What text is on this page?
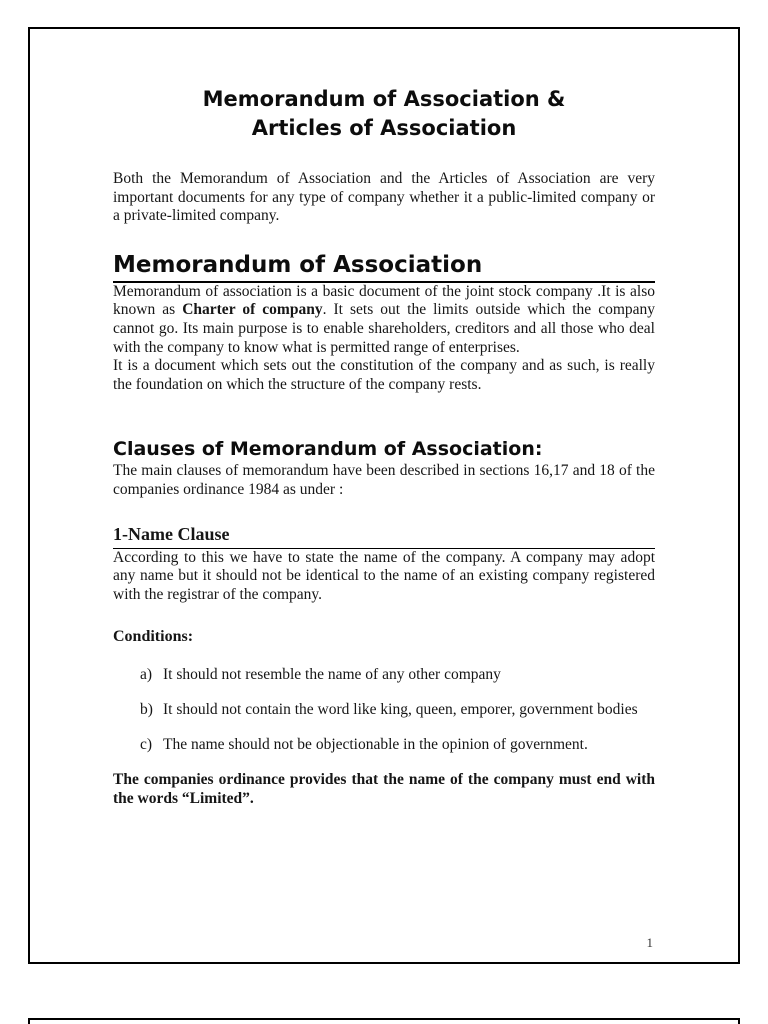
Memorandum of Association &
Articles of Association

Both the Memorandum of Association and the Articles of Association are very important documents for any type of company whether it a public-limited company or a private-limited company.

Memorandum of Association

Memorandum of association is a basic document of the joint stock company .It is also known as Charter of company. It sets out the limits outside which the company cannot go. Its main purpose is to enable shareholders, creditors and all those who deal with the company to know what is permitted range of enterprises.

It is a document which sets out the constitution of the company and as such, is really the foundation on which the structure of the company rests.

Clauses of Memorandum of Association:

The main clauses of memorandum have been described in sections 16,17 and 18 of the companies ordinance 1984 as under :

1-Name Clause

According to this we have to state the name of the company. A company may adopt any name but it should not be identical to the name of an existing company registered with the registrar of the company.

Conditions:
a) It should not resemble the name of any other company
b) It should not contain the word like king, queen, emporer, government bodies
c) The name should not be objectionable in the opinion of government.

The companies ordinance provides that the name of the company must end with the words “Limited”.

1
